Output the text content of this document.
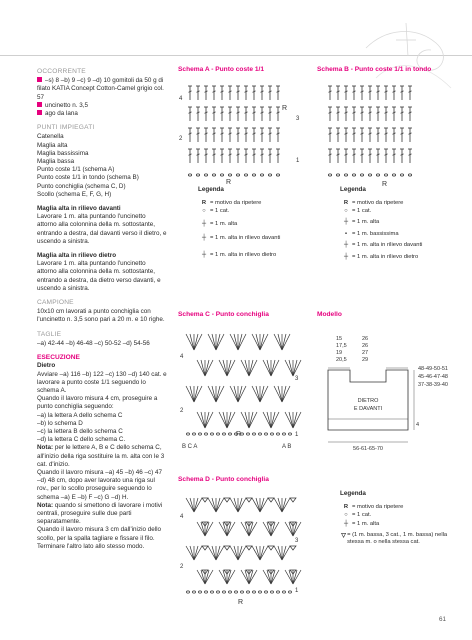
OCCORRENTE
–s) 8 –b) 9 –c) 9 –d) 10 gomitoli da 50 g di filato KATIA Concept Cotton-Camel grigio col. 57
uncinetto n. 3,5
ago da lana
PUNTI IMPIEGATI
Catenella
Maglia alta
Maglia bassissima
Maglia bassa
Punto coste 1/1 (schema A)
Punto coste 1/1 in tondo (schema B)
Punto conchiglia (schema C, D)
Scollo (schema E, F, G, H)
Maglia alta in rilievo davanti

Lavorare 1 m. alta puntando l'uncinetto attorno alla colonnina della m. sottostante, entrando a destra, dal davanti verso il dietro, e uscendo a sinistra.

Maglia alta in rilievo dietro

Lavorare 1 m. alta puntando l'uncinetto attorno alla colonnina della m. sottostante, entrando a destra, da dietro verso davanti, e uscendo a sinistra.

CAMPIONE

10x10 cm lavorati a punto conchiglia con l'uncinetto n. 3,5 sono pari a 20 m. e 10 righe.

TAGLIE

–a) 42-44 –b) 46-48 –c) 50-52 –d) 54-56

ESECUZIONE
Dietro

Avviare –a) 116 –b) 122 –c) 130 –d) 140 cat. e lavorare a punto coste 1/1 seguendo lo schema A.

Quando il lavoro misura 4 cm, proseguire a punto conchiglia seguendo:

–a) la lettera A dello schema C
–b) lo schema D
–c) la lettera B dello schema C
–d) la lettera C dello schema C.

Nota: per le lettere A, B e C dello schema C, all'inizio della riga sostituire la m. alta con le 3 cat. d'inizio.

Quando il lavoro misura –a) 45 –b) 46 –c) 47 –d) 48 cm, dopo aver lavorato una riga sul rov., per lo scollo proseguire seguendo lo schema –a) E –b) F –c) G –d) H.

Nota: quando si smettono di lavorare i motivi centrali, proseguire sulle due parti separatamente.

Quando il lavoro misura 3 cm dall'inizio dello scollo, per la spalla tagliare e fissare il filo. Terminare l'altro lato allo stesso modo.

Schema A - Punto coste 1/1
4
2
3
1
R
R
Schema B - Punto coste 1/1 in tondo
R
Legenda
R = motivo da ripetere
○ = 1 cat.
┼ = 1 m. alta
┼ = 1 m. alta in rilievo davanti
┼ = 1 m. alta in rilievo dietro
Legenda
R = motivo da ripetere
○ = 1 cat.
┼ = 1 m. alta
• = 1 m. bassissima
┼ = 1 m. alta in rilievo davanti
┼ = 1 m. alta in rilievo dietro
Schema C - Punto conchiglia
4
2
3
1
B C A	A B
R
Modello
15
17,5
19
20,5
26
26
27
29
48-49-50-51
45-46-47-48
37-38-39-40
4
DIETRO
E DAVANTI
56-61-65-70
Schema D - Punto conchiglia
4
2
3
1
R
Legenda
R = motivo da ripetere
○ = 1 cat.
┼ = 1 m. alta
▽ = (1 m. bassa, 3 cat., 1 m. bassa) nella stessa m. o nella stessa cat.
61
